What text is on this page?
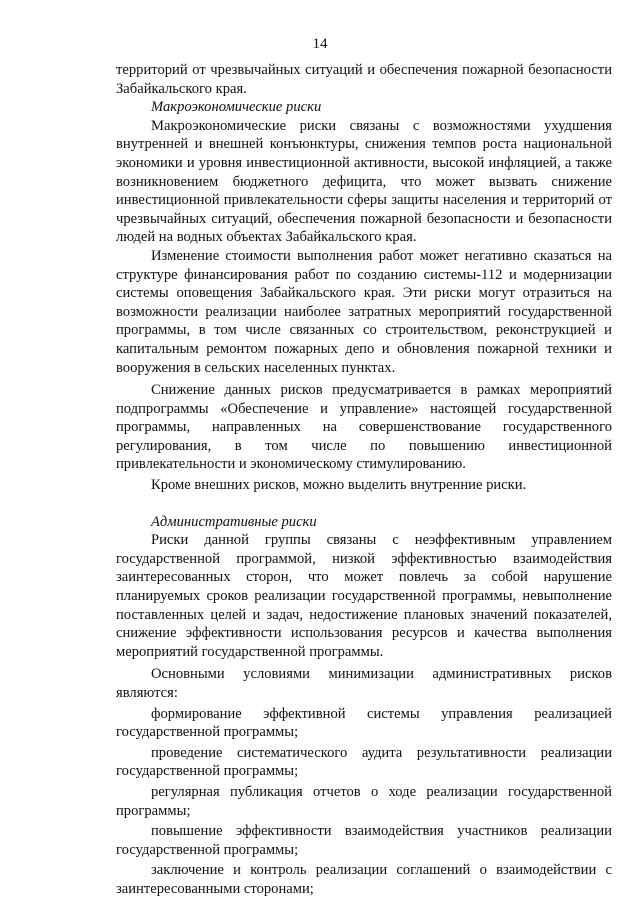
14

территорий от чрезвычайных ситуаций и обеспечения пожарной безопасности Забайкальского края.

Макроэкономические риски

Макроэкономические риски связаны с возможностями ухудшения внутренней и внешней конъюнктуры, снижения темпов роста национальной экономики и уровня инвестиционной активности, высокой инфляцией, а также возникновением бюджетного дефицита, что может вызвать снижение инвестиционной привлекательности сферы защиты населения и территорий от чрезвычайных ситуаций, обеспечения пожарной безопасности и безопасности людей на водных объектах Забайкальского края.

Изменение стоимости выполнения работ может негативно сказаться на структуре финансирования работ по созданию системы-112 и модернизации системы оповещения Забайкальского края. Эти риски могут отразиться на возможности реализации наиболее затратных мероприятий государственной программы, в том числе связанных со строительством, реконструкцией и капитальным ремонтом пожарных депо и обновления пожарной техники и вооружения в сельских населенных пунктах.

Снижение данных рисков предусматривается в рамках мероприятий подпрограммы «Обеспечение и управление» настоящей государственной программы, направленных на совершенствование государственного регулирования, в том числе по повышению инвестиционной привлекательности и экономическому стимулированию.

Кроме внешних рисков, можно выделить внутренние риски.

Административные риски

Риски данной группы связаны с неэффективным управлением государственной программой, низкой эффективностью взаимодействия заинтересованных сторон, что может повлечь за собой нарушение планируемых сроков реализации государственной программы, невыполнение поставленных целей и задач, недостижение плановых значений показателей, снижение эффективности использования ресурсов и качества выполнения мероприятий государственной программы.

Основными условиями минимизации административных рисков являются:

формирование эффективной системы управления реализацией государственной программы;

проведение систематического аудита результативности реализации государственной программы;

регулярная публикация отчетов о ходе реализации государственной программы;

повышение эффективности взаимодействия участников реализации государственной программы;

заключение и контроль реализации соглашений о взаимодействии с заинтересованными сторонами;
